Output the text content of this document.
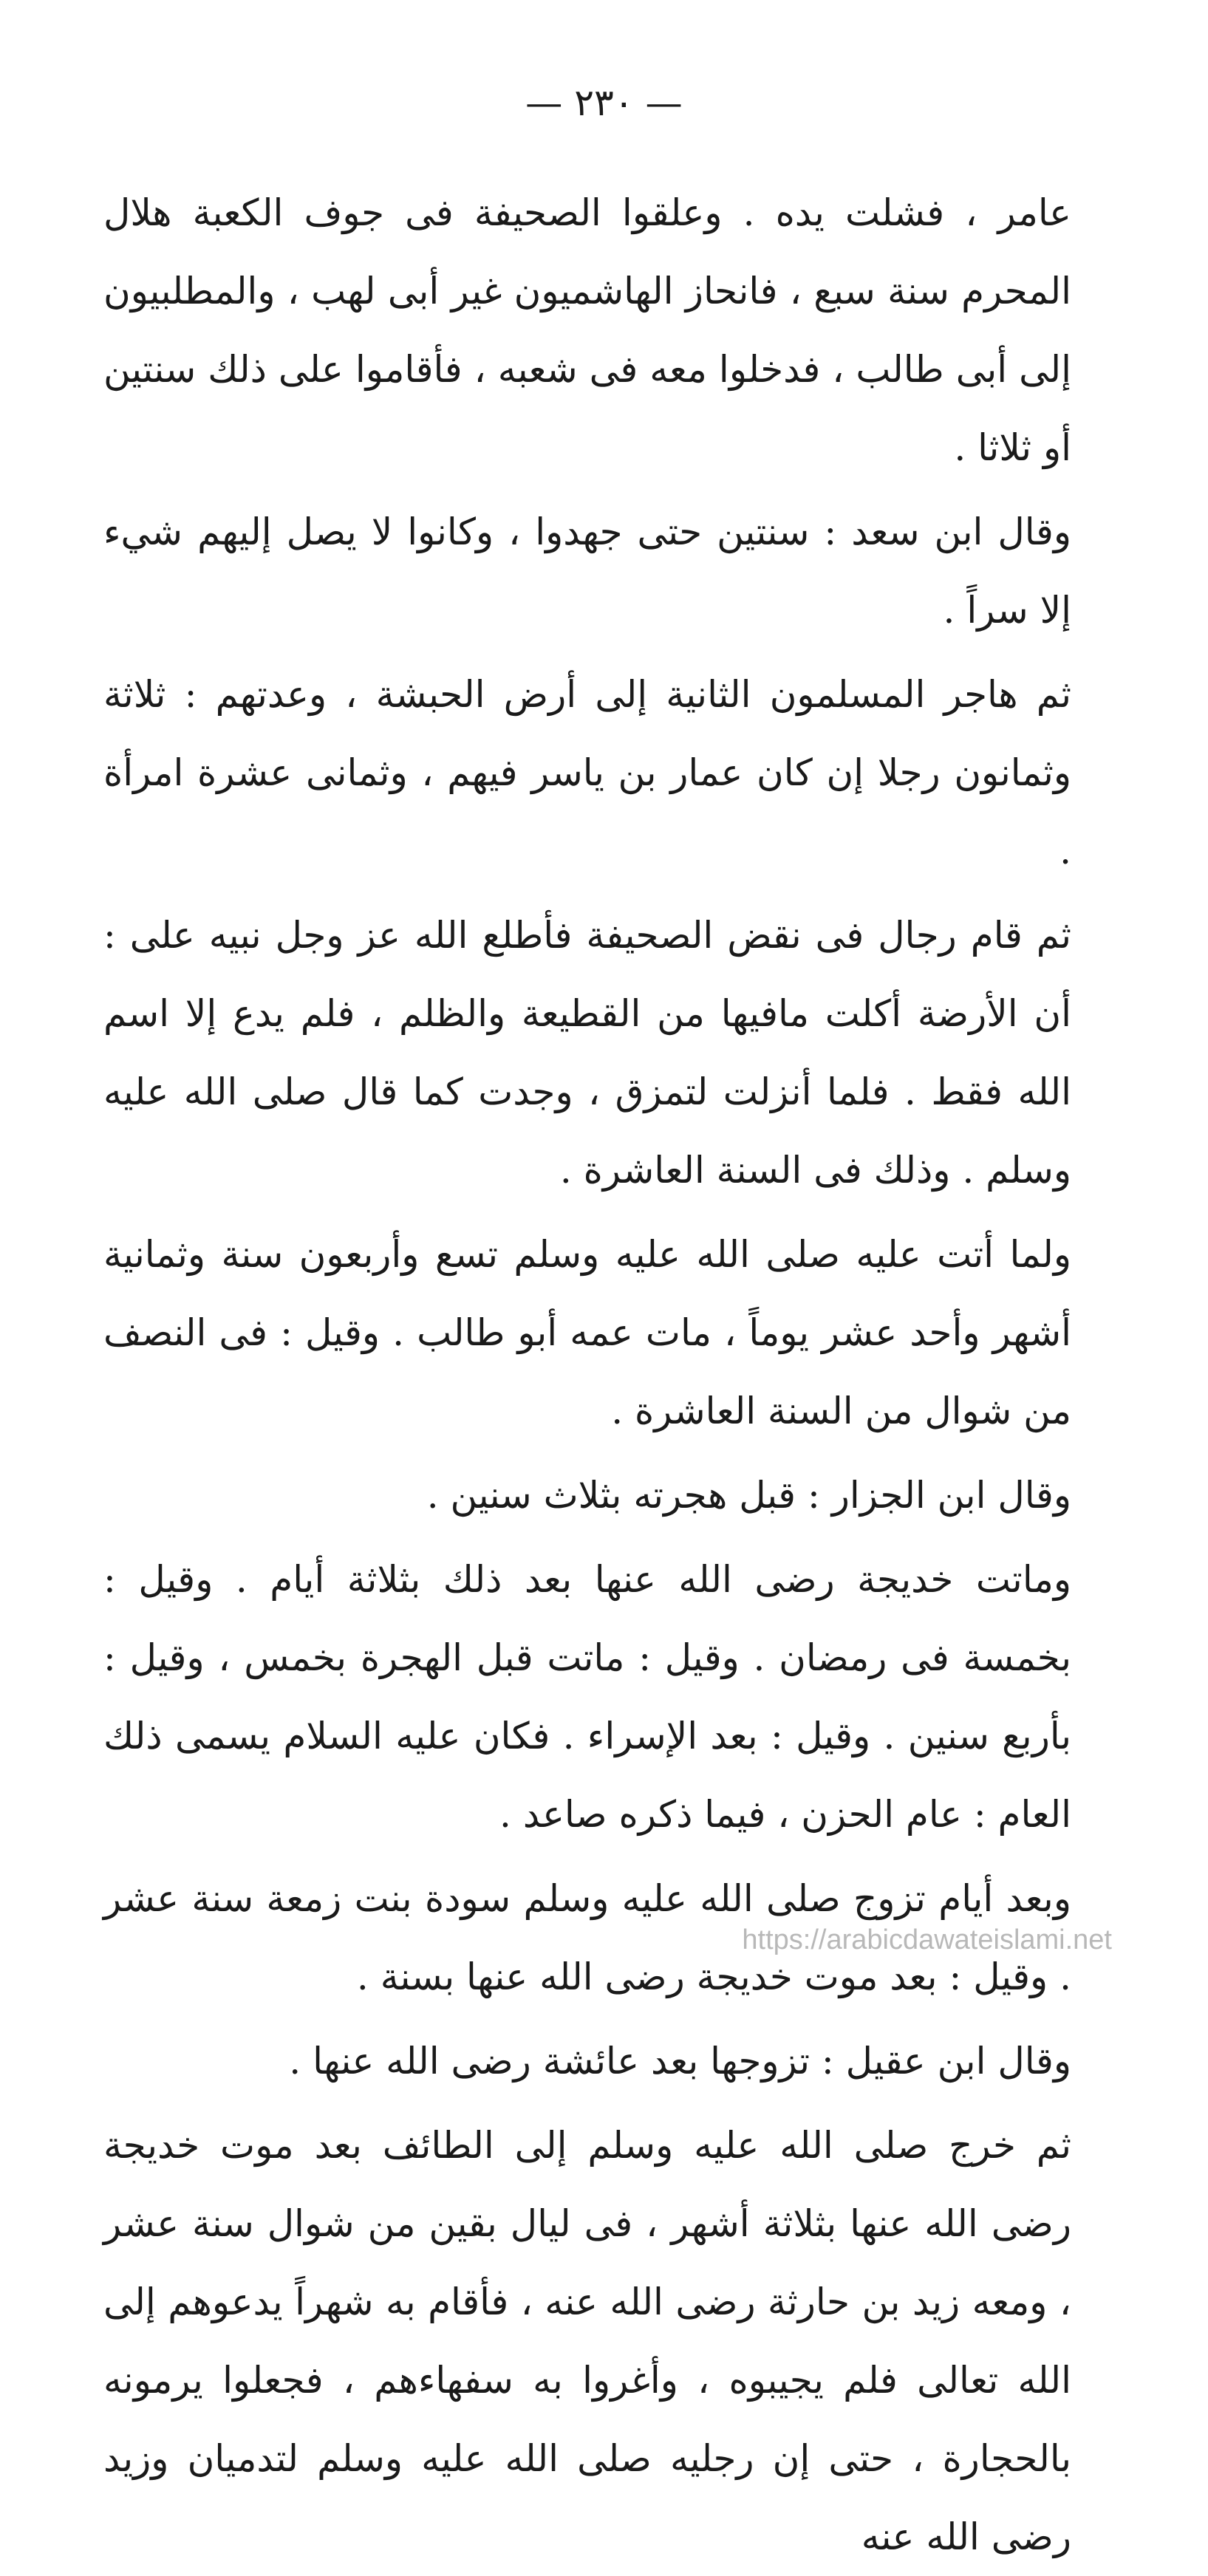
— ٢٣٠ —

عامر ، فشلت يده . وعلقوا الصحيفة فى جوف الكعبة هلال المحرم سنة سبع ، فانحاز الهاشميون غير أبى لهب ، والمطلبيون إلى أبى طالب ، فدخلوا معه فى شعبه ، فأقاموا على ذلك سنتين أو ثلاثا .

وقال ابن سعد : سنتين حتى جهدوا ، وكانوا لا يصل إليهم شيء إلا سراً .

ثم هاجر المسلمون الثانية إلى أرض الحبشة ، وعدتهم : ثلاثة وثمانون رجلا إن كان عمار بن ياسر فيهم ، وثمانى عشرة امرأة .

ثم قام رجال فى نقض الصحيفة فأطلع الله عز وجل نبيه على : أن الأرضة أكلت مافيها من القطيعة والظلم ، فلم يدع إلا اسم الله فقط . فلما أنزلت لتمزق ، وجدت كما قال صلى الله عليه وسلم . وذلك فى السنة العاشرة .

ولما أتت عليه صلى الله عليه وسلم تسع وأربعون سنة وثمانية أشهر وأحد عشر يوماً ، مات عمه أبو طالب . وقيل : فى النصف من شوال من السنة العاشرة .

وقال ابن الجزار : قبل هجرته بثلاث سنين .

وماتت خديجة رضى الله عنها بعد ذلك بثلاثة أيام . وقيل : بخمسة فى رمضان . وقيل : ماتت قبل الهجرة بخمس ، وقيل : بأربع سنين . وقيل : بعد الإسراء . فكان عليه السلام يسمى ذلك العام : عام الحزن ، فيما ذكره صاعد .

وبعد أيام تزوج صلى الله عليه وسلم سودة بنت زمعة سنة عشر . وقيل : بعد موت خديجة رضى الله عنها بسنة .

وقال ابن عقيل : تزوجها بعد عائشة رضى الله عنها .

ثم خرج صلى الله عليه وسلم إلى الطائف بعد موت خديجة رضى الله عنها بثلاثة أشهر ، فى ليال بقين من شوال سنة عشر ، ومعه زيد بن حارثة رضى الله عنه ، فأقام به شهراً يدعوهم إلى الله تعالى فلم يجيبوه ، وأغروا به سفهاءهم ، فجعلوا يرمونه بالحجارة ، حتى إن رجليه صلى الله عليه وسلم لتدميان وزيد رضى الله عنه

https://arabicdawateislami.net
